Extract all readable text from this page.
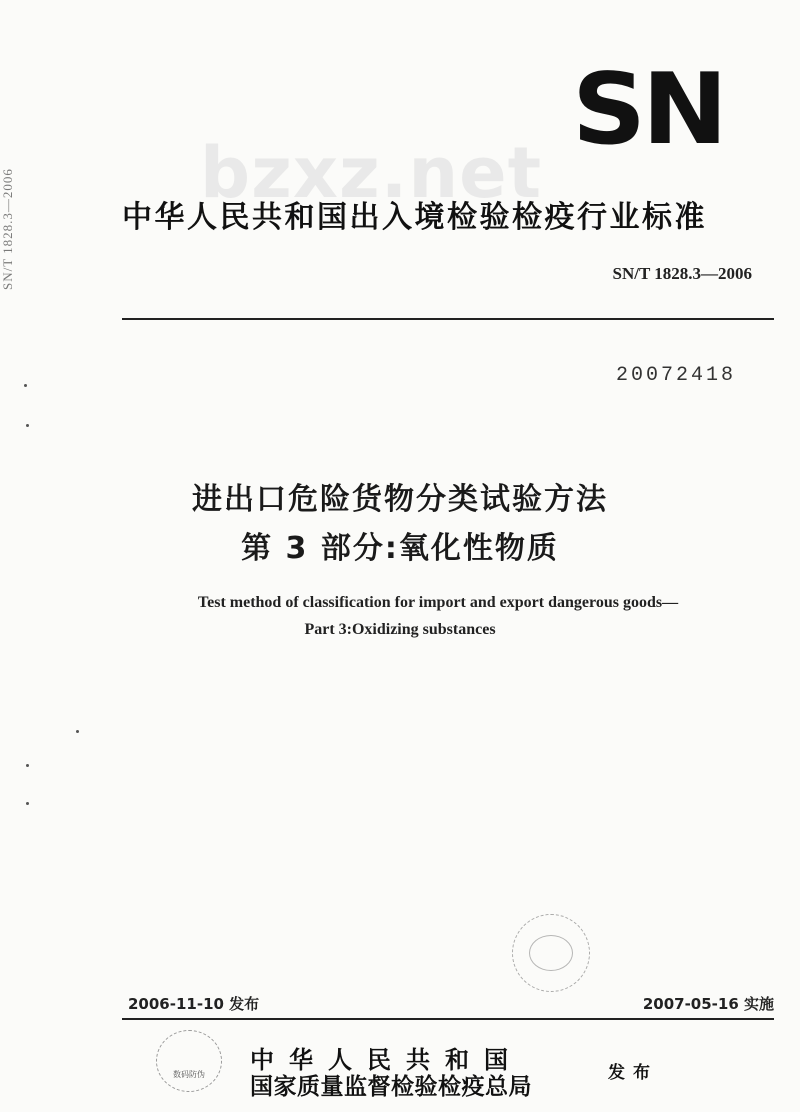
SN/T 1828.3—2006
SN
bzxz.net
中华人民共和国出入境检验检疫行业标准
SN/T 1828.3—2006
20072418
进出口危险货物分类试验方法
第 3 部分:氧化性物质
Test method of classification for import and export dangerous goods—
Part 3:Oxidizing substances
2006-11-10 发布	2007-05-16 实施
数码防伪
中华人民共和国
国家质量监督检验检疫总局
发布
